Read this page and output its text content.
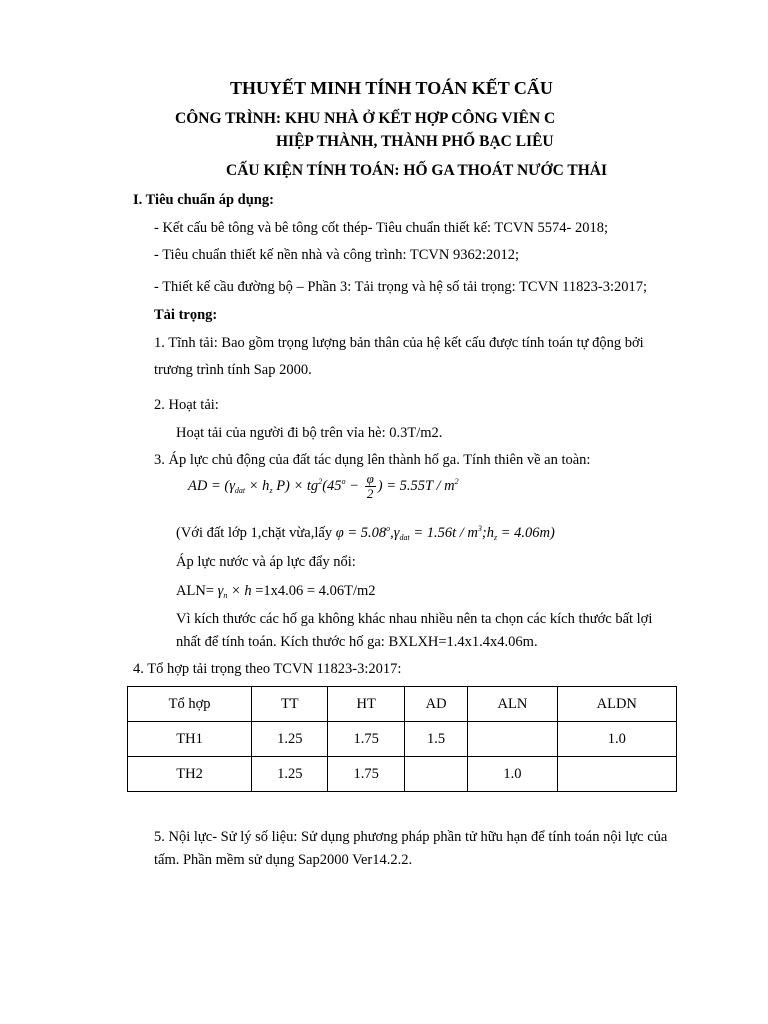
THUYẾT MINH TÍNH TOÁN KẾT CẤU
CÔNG TRÌNH: KHU NHÀ Ở KẾT HỢP CÔNG VIÊN C
HIỆP THÀNH, THÀNH PHỐ BẠC LIÊU
CẤU KIỆN TÍNH TOÁN: HỐ GA THOÁT NƯỚC THẢI
I. Tiêu chuẩn áp dụng:
- Kết cấu bê tông và bê tông cốt thép- Tiêu chuẩn thiết kế: TCVN 5574- 2018;
- Tiêu chuẩn thiết kế nền nhà và công trình: TCVN 9362:2012;
- Thiết kế cầu đường bộ – Phần 3: Tải trọng và hệ số tải trọng: TCVN 11823-3:2017;
Tải trọng:
1. Tĩnh tải: Bao gồm trọng lượng bản thân của hệ kết cấu được tính toán tự động bởi
trương trình tính Sap 2000.
2. Hoạt tải:
Hoạt tải của người đi bộ trên vỉa hè: 0.3T/m2.
3. Áp lực chủ động của đất tác dụng lên thành hố ga. Tính thiên về an toàn:
AD = ($\gamma_{dat} \times h_z$ $P) \times tg^2(45^o - \frac{\varphi}{2}$ ) = $5.55T / m^2$
(Với đất lớp 1,chặt vừa,lấy $\varphi = 5.08^o,\gamma_{dat} = 1.56t$ / $m^3;h_z = 4.06m$)
Áp lực nước và áp lực đẩy nổi:
$ALN= \gamma_n \times h =1x4.06 = 4.06T/m2$
Vì kích thước các hố ga không khác nhau nhiều nên ta chọn các kích thước bất lợi
nhất để tính toán. Kích thước hố ga: BXLXH=1.4x1.4x4.06m.
4. Tổ hợp tải trọng theo TCVN 11823-3:2017:
Tổ hợp	TT	HT	AD	ALN	ALDN
TH1	1.25	1.75	1.5		1.0
TH2	1.25	1.75		1.0	
5. Nội lực- Sử lý số liệu: Sử dụng phương pháp phần tử hữu hạn để tính toán nội lực của
tấm. Phần mềm sử dụng Sap2000 Ver14.2.2.
